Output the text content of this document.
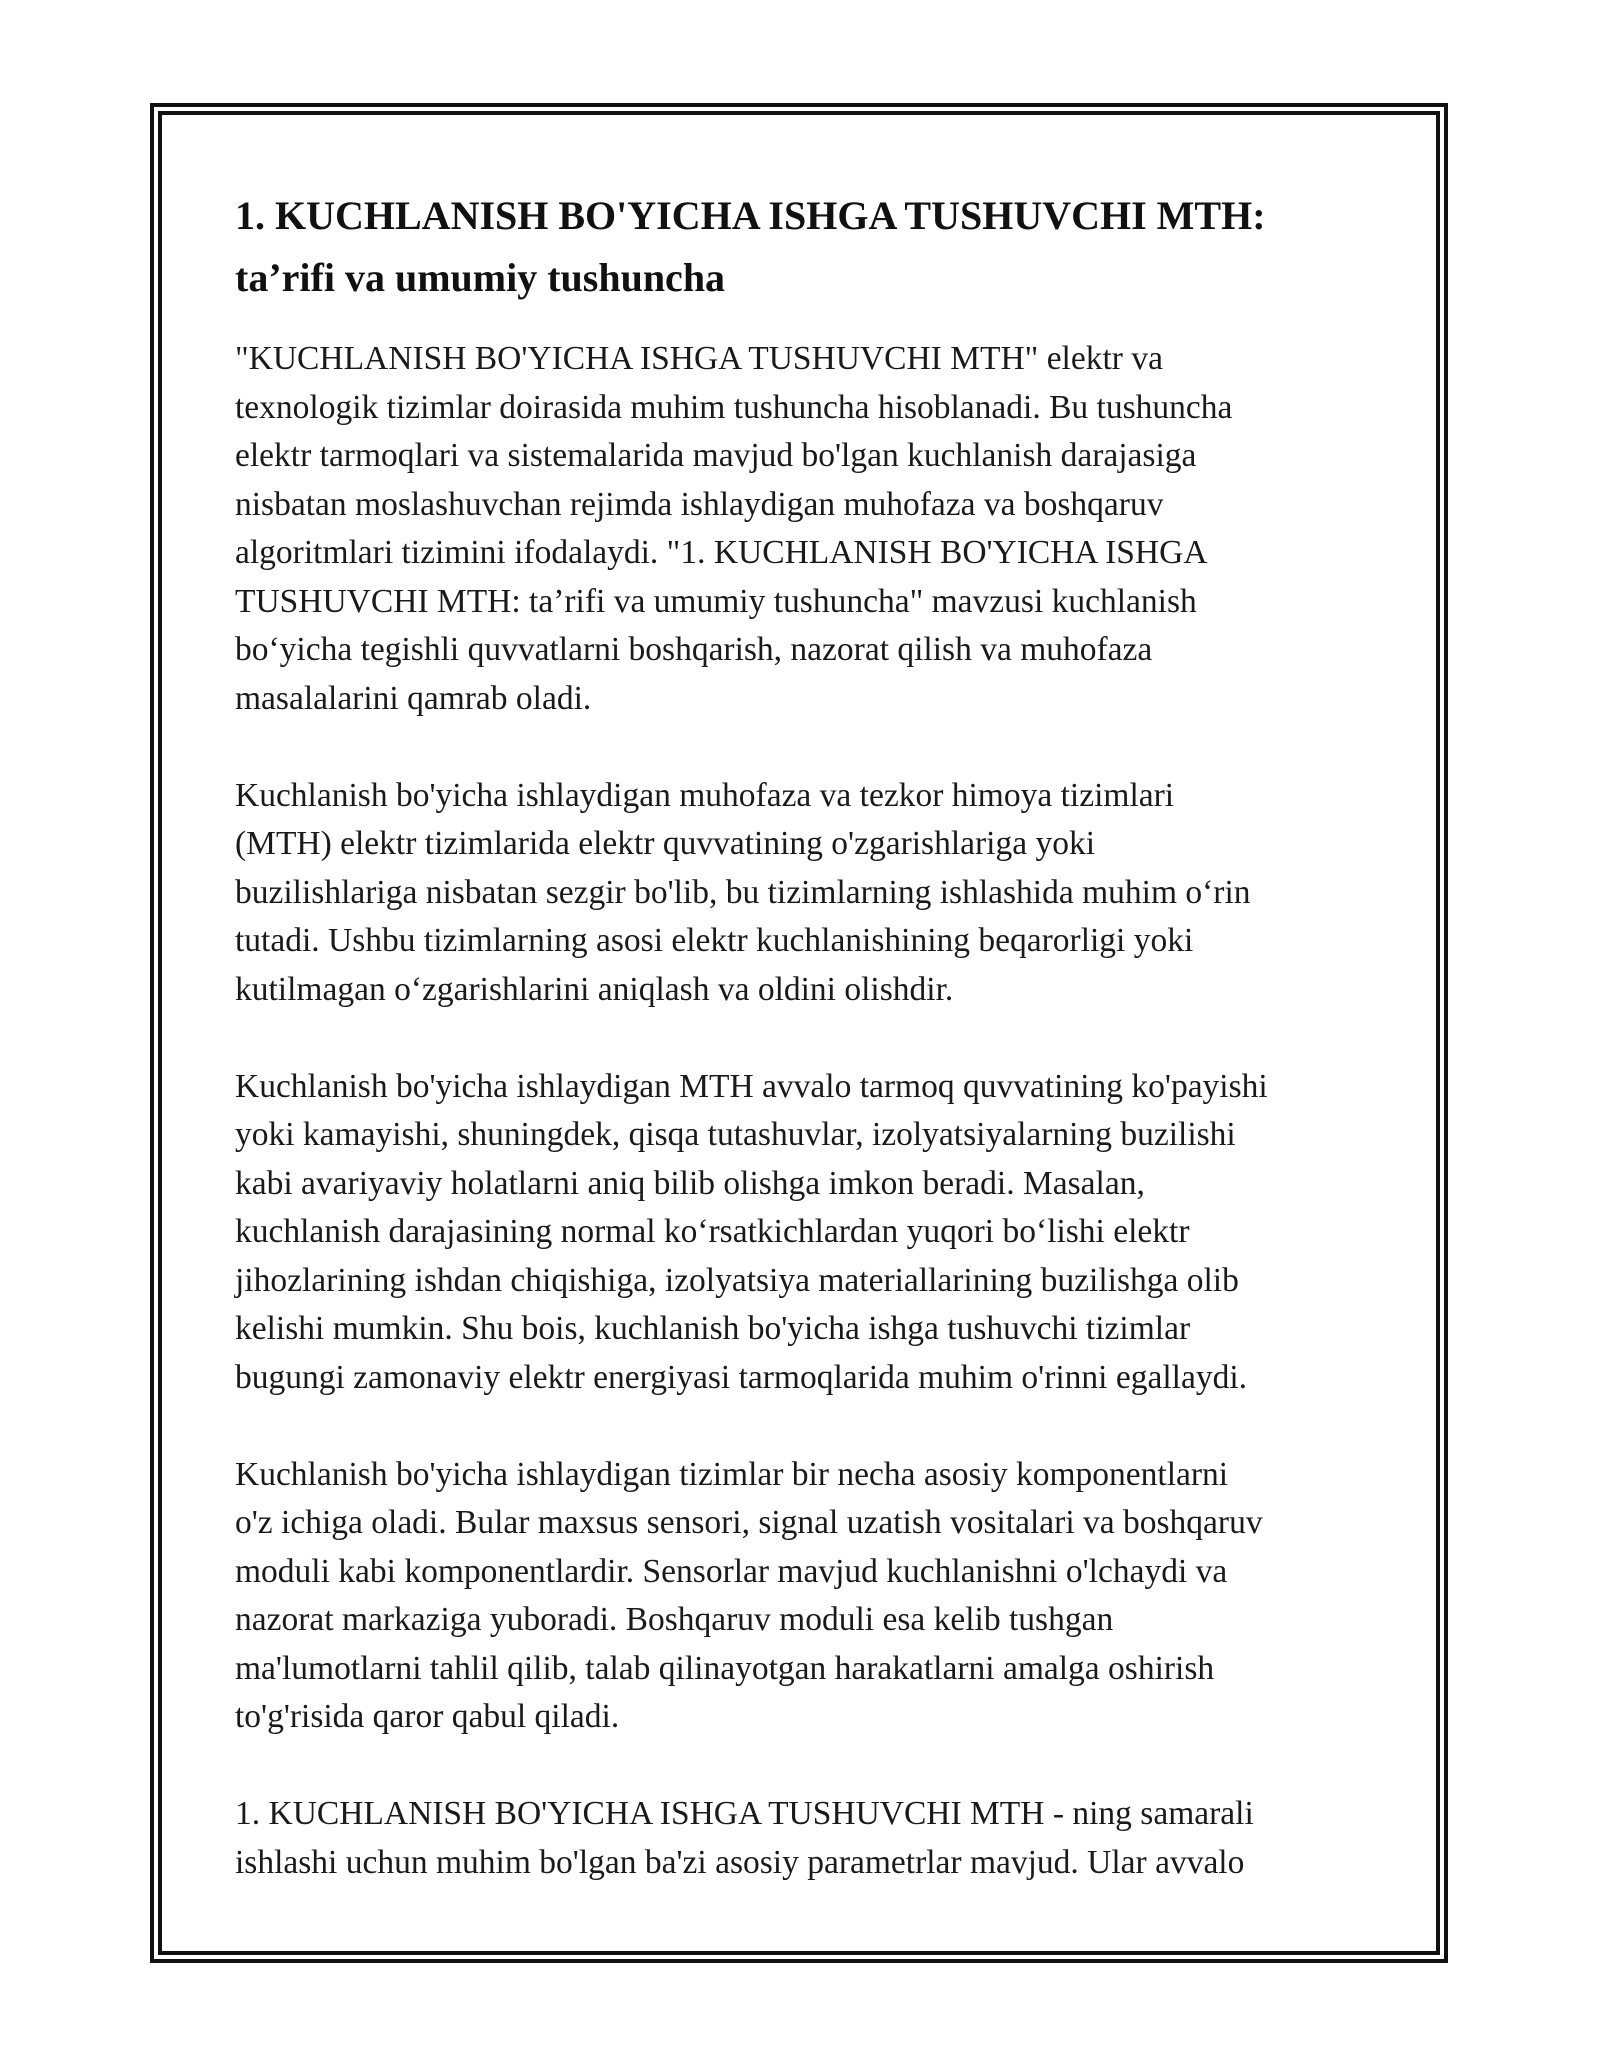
1. KUCHLANISH BO'YICHA ISHGA TUSHUVCHI MTH:
ta’rifi va umumiy tushuncha
"KUCHLANISH BO'YICHA ISHGA TUSHUVCHI MTH" elektr va
texnologik tizimlar doirasida muhim tushuncha hisoblanadi. Bu tushuncha
elektr tarmoqlari va sistemalarida mavjud bo'lgan kuchlanish darajasiga
nisbatan moslashuvchan rejimda ishlaydigan muhofaza va boshqaruv
algoritmlari tizimini ifodalaydi. "1. KUCHLANISH BO'YICHA ISHGA
TUSHUVCHI MTH: ta’rifi va umumiy tushuncha" mavzusi kuchlanish
bo‘yicha tegishli quvvatlarni boshqarish, nazorat qilish va muhofaza
masalalarini qamrab oladi.
Kuchlanish bo'yicha ishlaydigan muhofaza va tezkor himoya tizimlari
(MTH) elektr tizimlarida elektr quvvatining o'zgarishlariga yoki
buzilishlariga nisbatan sezgir bo'lib, bu tizimlarning ishlashida muhim o‘rin
tutadi. Ushbu tizimlarning asosi elektr kuchlanishining beqarorligi yoki
kutilmagan o‘zgarishlarini aniqlash va oldini olishdir.
Kuchlanish bo'yicha ishlaydigan MTH avvalo tarmoq quvvatining ko'payishi
yoki kamayishi, shuningdek, qisqa tutashuvlar, izolyatsiyalarning buzilishi
kabi avariyaviy holatlarni aniq bilib olishga imkon beradi. Masalan,
kuchlanish darajasining normal ko‘rsatkichlardan yuqori bo‘lishi elektr
jihozlarining ishdan chiqishiga, izolyatsiya materiallarining buzilishga olib
kelishi mumkin. Shu bois, kuchlanish bo'yicha ishga tushuvchi tizimlar
bugungi zamonaviy elektr energiyasi tarmoqlarida muhim o'rinni egallaydi.
Kuchlanish bo'yicha ishlaydigan tizimlar bir necha asosiy komponentlarni
o'z ichiga oladi. Bular maxsus sensori, signal uzatish vositalari va boshqaruv
moduli kabi komponentlardir. Sensorlar mavjud kuchlanishni o'lchaydi va
nazorat markaziga yuboradi. Boshqaruv moduli esa kelib tushgan
ma'lumotlarni tahlil qilib, talab qilinayotgan harakatlarni amalga oshirish
to'g'risida qaror qabul qiladi.
1. KUCHLANISH BO'YICHA ISHGA TUSHUVCHI MTH - ning samarali
ishlashi uchun muhim bo'lgan ba'zi asosiy parametrlar mavjud. Ular avvalo
